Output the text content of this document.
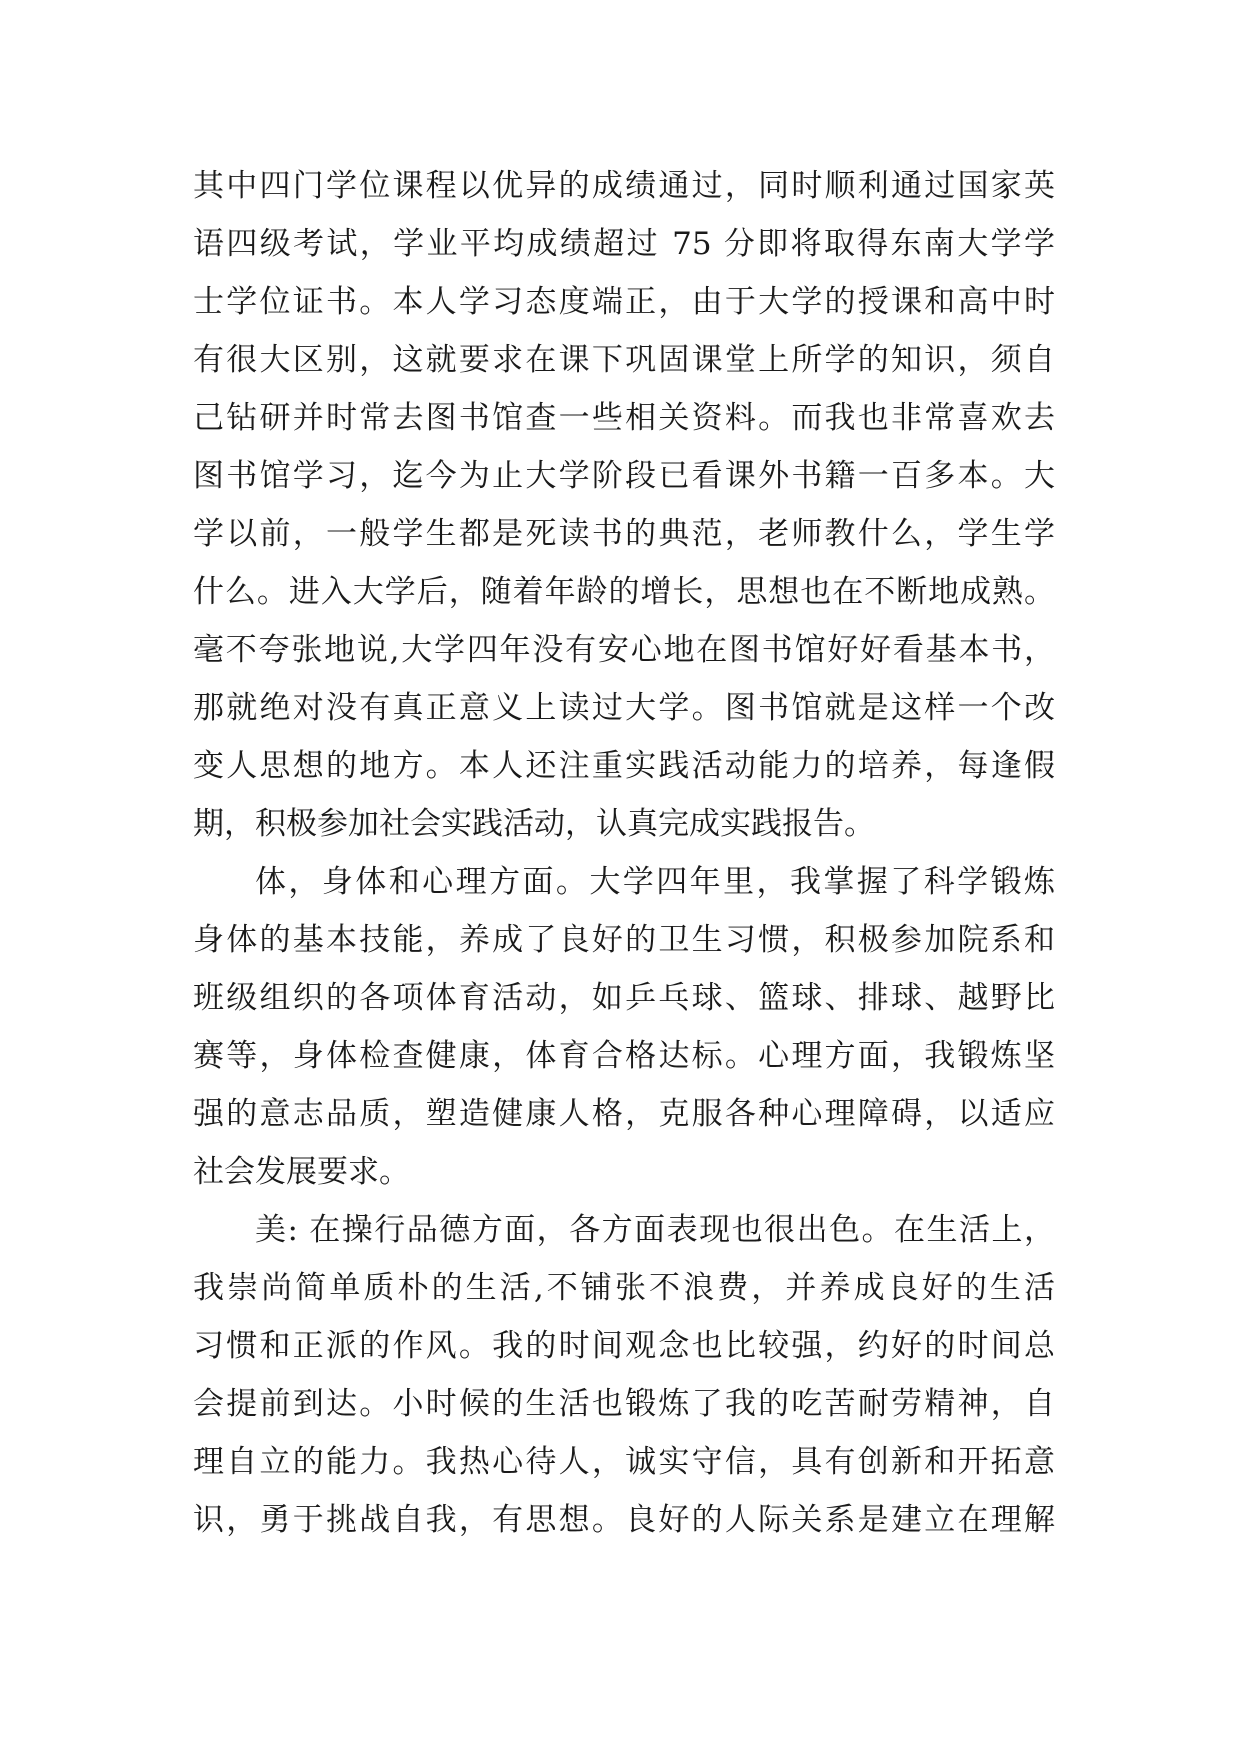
其中四门学位课程以优异的成绩通过，同时顺利通过国家英
语四级考试，学业平均成绩超过 75 分即将取得东南大学学
士学位证书。本人学习态度端正，由于大学的授课和高中时
有很大区别，这就要求在课下巩固课堂上所学的知识，须自
己钻研并时常去图书馆查一些相关资料。而我也非常喜欢去
图书馆学习，迄今为止大学阶段已看课外书籍一百多本。大
学以前，一般学生都是死读书的典范，老师教什么，学生学
什么。进入大学后，随着年龄的增长，思想也在不断地成熟。
毫不夸张地说,大学四年没有安心地在图书馆好好看基本书，
那就绝对没有真正意义上读过大学。图书馆就是这样一个改
变人思想的地方。本人还注重实践活动能力的培养，每逢假
期，积极参加社会实践活动，认真完成实践报告。
体，身体和心理方面。大学四年里，我掌握了科学锻炼
身体的基本技能，养成了良好的卫生习惯，积极参加院系和
班级组织的各项体育活动，如乒乓球、篮球、排球、越野比
赛等，身体检查健康，体育合格达标。心理方面，我锻炼坚
强的意志品质，塑造健康人格，克服各种心理障碍，以适应
社会发展要求。
美: 在操行品德方面，各方面表现也很出色。在生活上，
我崇尚简单质朴的生活,不铺张不浪费，并养成良好的生活
习惯和正派的作风。我的时间观念也比较强，约好的时间总
会提前到达。小时候的生活也锻炼了我的吃苦耐劳精神，自
理自立的能力。我热心待人，诚实守信，具有创新和开拓意
识，勇于挑战自我，有思想。良好的人际关系是建立在理解
